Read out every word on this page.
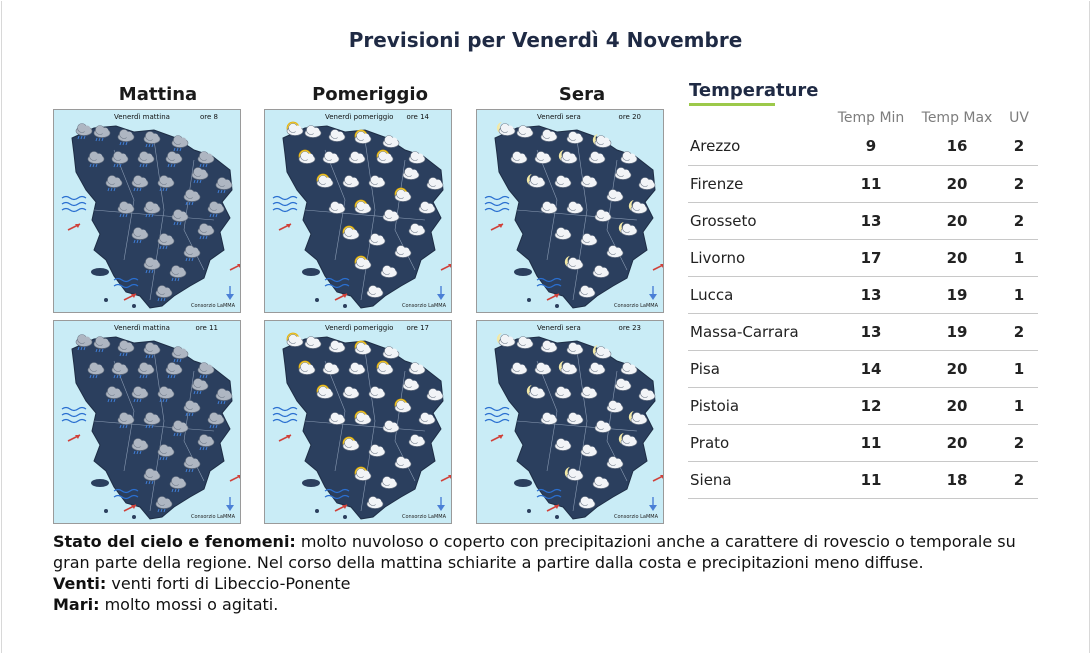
Previsioni per Venerdì 4 Novembre
Mattina	Pomeriggio	Sera
Venerdì mattina	ore 8
Consorzio LaMMA
Venerdì pomeriggio ore 14
Consorzio LaMMA
Venerdì sera	ore 20
Consorzio LaMMA
Venerdì mattina	ore 11
Consorzio LaMMA
Venerdì pomeriggio ore 17
Consorzio LaMMA
Venerdì sera	ore 23
Consorzio LaMMA
Temperature
	Temp Min	Temp Max	UV
Arezzo	9	16	2
Firenze	11	20	2
Grosseto	13	20	2
Livorno	17	20	1
Lucca	13	19	1
Massa-Carrara	13	19	2
Pisa	14	20	1
Pistoia	12	20	1
Prato	11	20	2
Siena	11	18	2
Stato del cielo e fenomeni: molto nuvoloso o coperto con precipitazioni anche a carattere di rovescio o temporale su gran parte della regione. Nel corso della mattina schiarite a partire dalla costa e precipitazioni meno diffuse.
Venti: venti forti di Libeccio-Ponente
Mari: molto mossi o agitati.
